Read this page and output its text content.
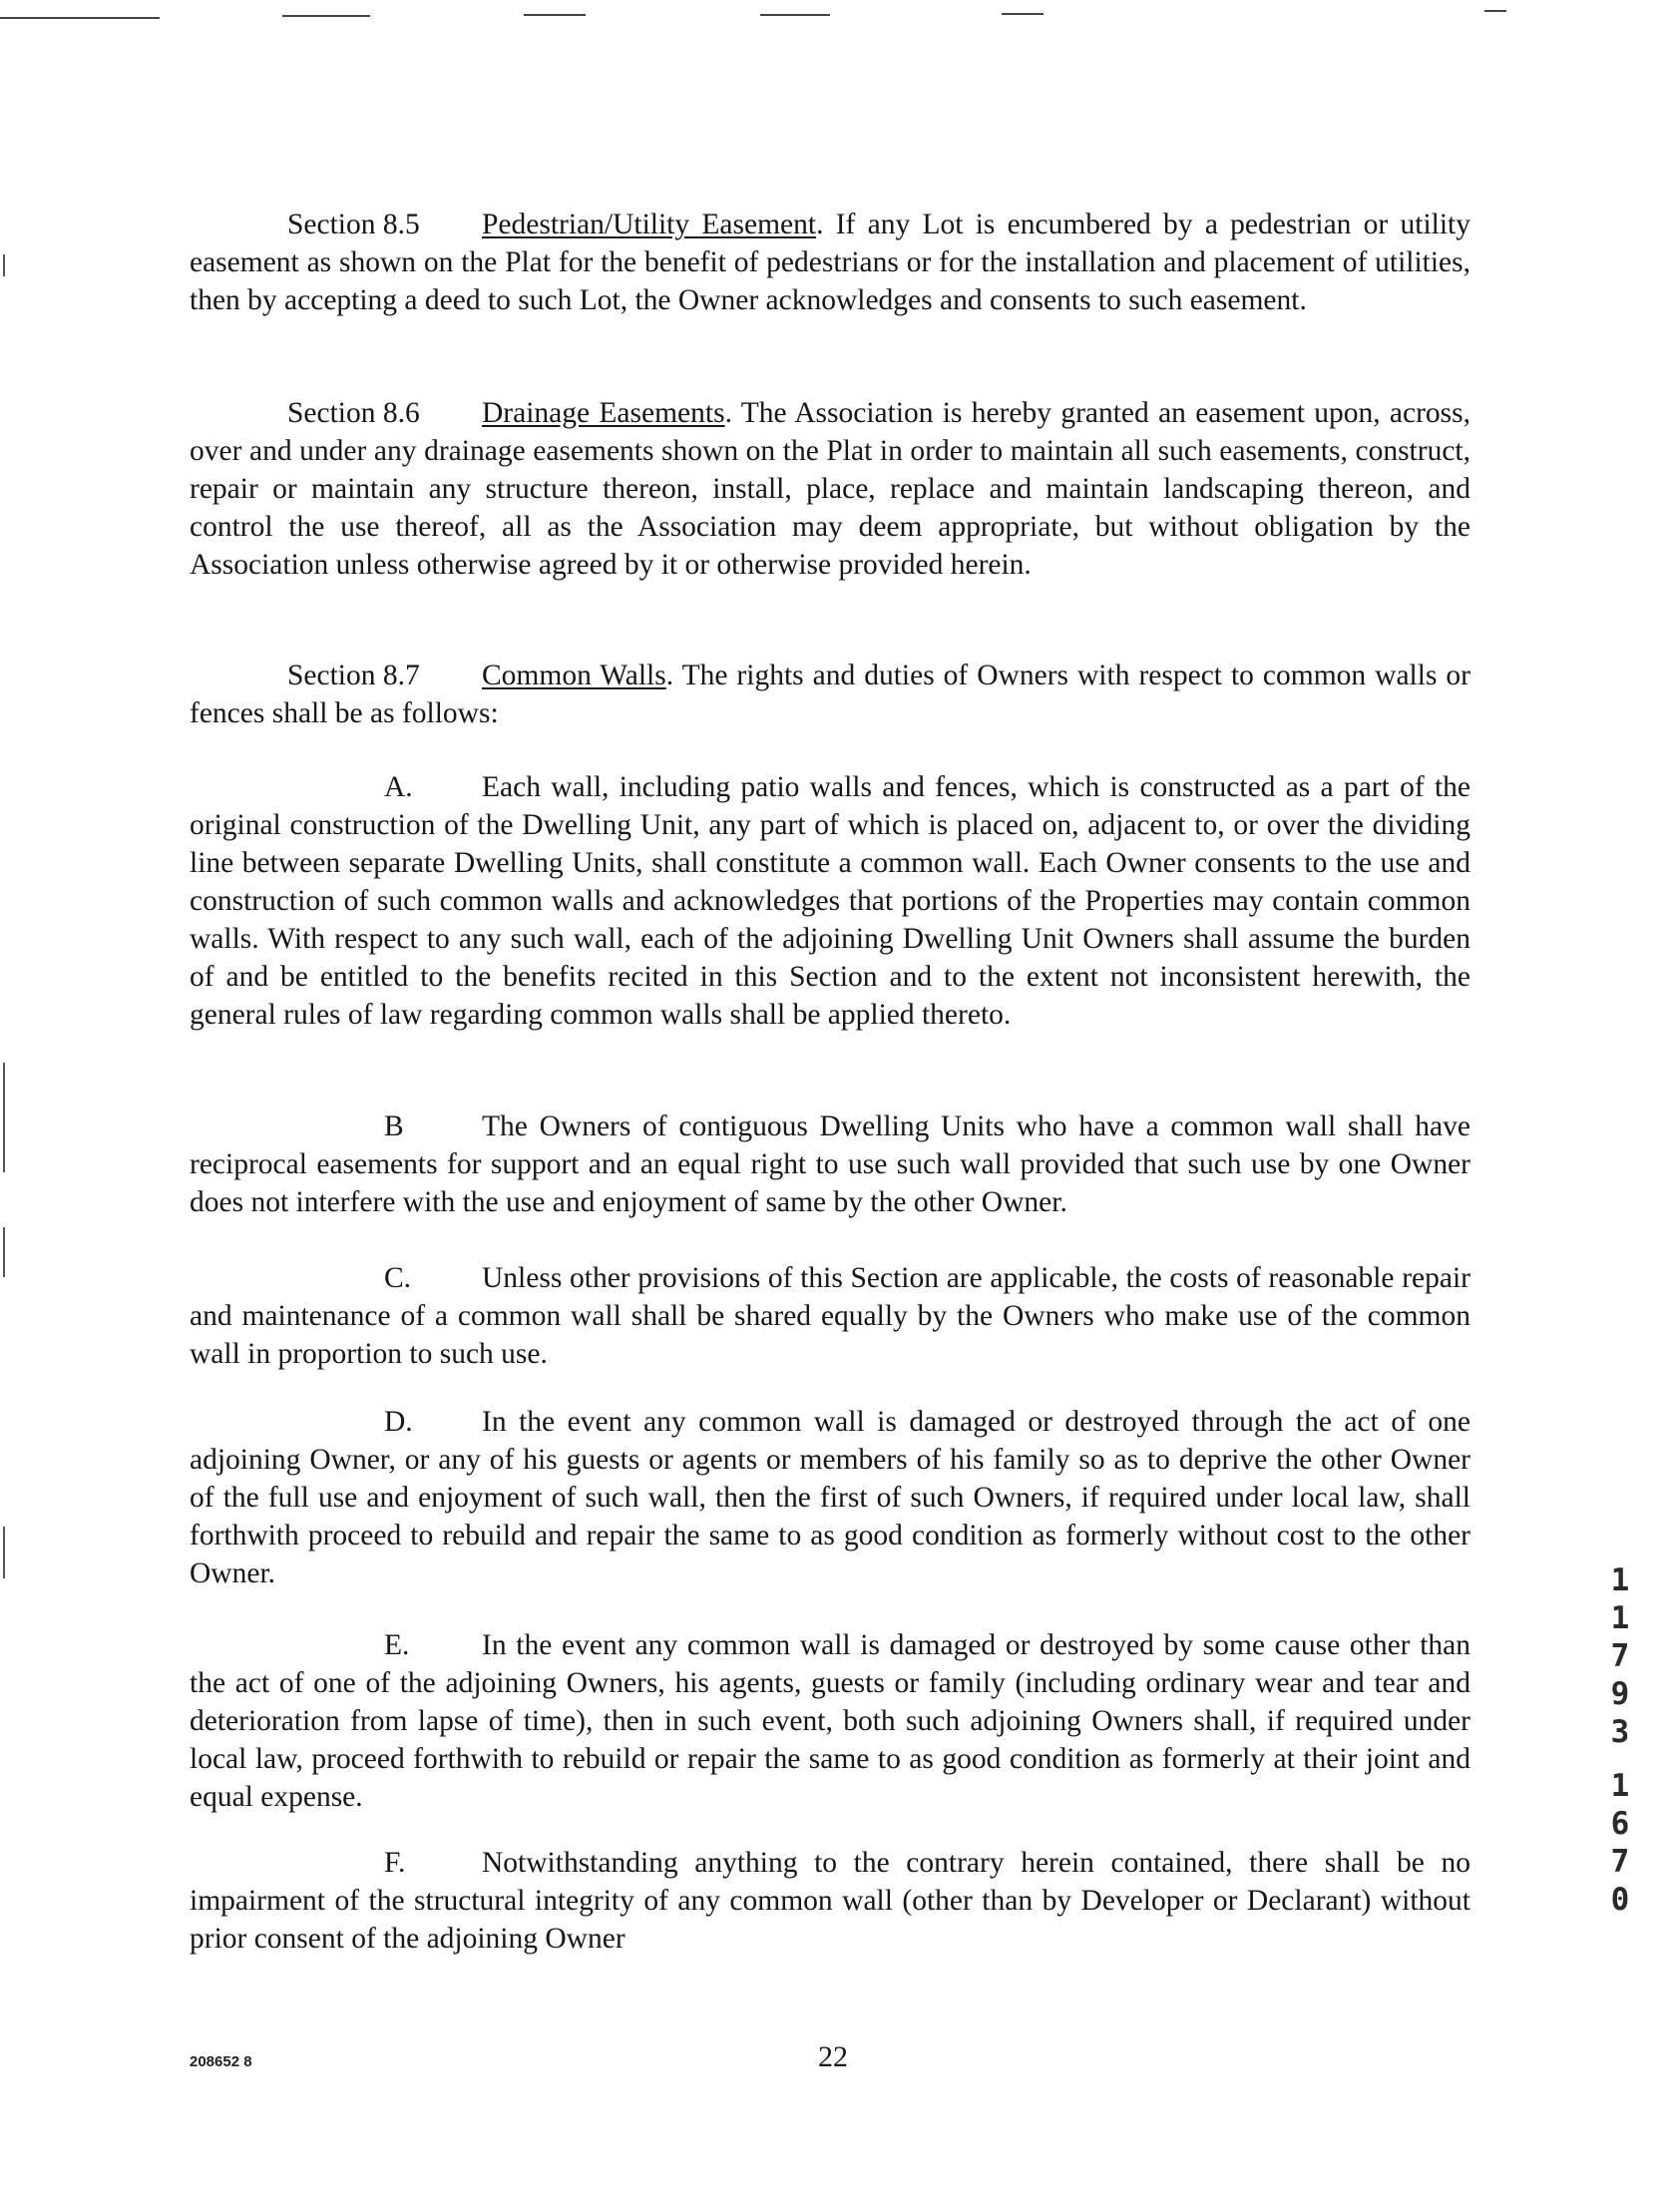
Section 8.5 Pedestrian/Utility Easement. If any Lot is encumbered by a pedestrian or utility easement as shown on the Plat for the benefit of pedestrians or for the installation and placement of utilities, then by accepting a deed to such Lot, the Owner acknowledges and consents to such easement.
Section 8.6 Drainage Easements. The Association is hereby granted an easement upon, across, over and under any drainage easements shown on the Plat in order to maintain all such easements, construct, repair or maintain any structure thereon, install, place, replace and maintain landscaping thereon, and control the use thereof, all as the Association may deem appropriate, but without obligation by the Association unless otherwise agreed by it or otherwise provided herein.
Section 8.7 Common Walls. The rights and duties of Owners with respect to common walls or fences shall be as follows:
A. Each wall, including patio walls and fences, which is constructed as a part of the original construction of the Dwelling Unit, any part of which is placed on, adjacent to, or over the dividing line between separate Dwelling Units, shall constitute a common wall. Each Owner consents to the use and construction of such common walls and acknowledges that portions of the Properties may contain common walls. With respect to any such wall, each of the adjoining Dwelling Unit Owners shall assume the burden of and be entitled to the benefits recited in this Section and to the extent not inconsistent herewith, the general rules of law regarding common walls shall be applied thereto.
B	The Owners of contiguous Dwelling Units who have a common wall shall have reciprocal easements for support and an equal right to use such wall provided that such use by one Owner does not interfere with the use and enjoyment of same by the other Owner.
C. Unless other provisions of this Section are applicable, the costs of reasonable repair and maintenance of a common wall shall be shared equally by the Owners who make use of the common wall in proportion to such use.
D. In the event any common wall is damaged or destroyed through the act of one adjoining Owner, or any of his guests or agents or members of his family so as to deprive the other Owner of the full use and enjoyment of such wall, then the first of such Owners, if required under local law, shall forthwith proceed to rebuild and repair the same to as good condition as formerly without cost to the other Owner.
E. In the event any common wall is damaged or destroyed by some cause other than the act of one of the adjoining Owners, his agents, guests or family (including ordinary wear and tear and deterioration from lapse of time), then in such event, both such adjoining Owners shall, if required under local law, proceed forthwith to rebuild or repair the same to as good condition as formerly at their joint and equal expense.
F.	Notwithstanding anything to the contrary herein contained, there shall be no impairment of the structural integrity of any common wall (other than by Developer or Declarant) without prior consent of the adjoining Owner
208652 8	22
1
1
7
9
3
1
6
7
0
